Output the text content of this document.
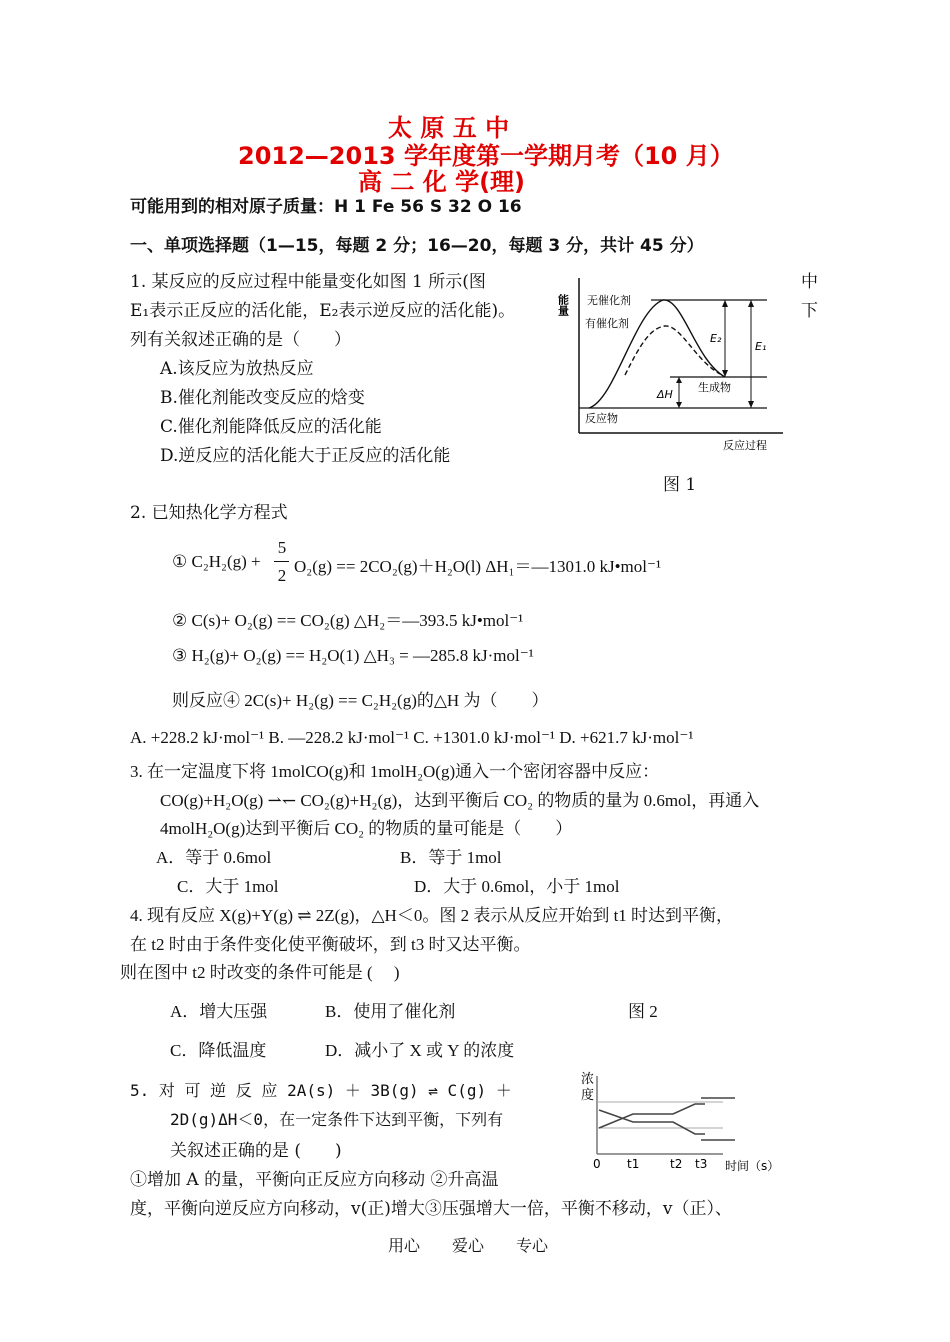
太 原 五 中
2012—2013 学年度第一学期月考（10 月）
高 二 化 学(理)
可能用到的相对原子质量：H 1 Fe 56 S 32 O 16
一、单项选择题（1—15，每题 2 分；16—20，每题 3 分，共计 45 分）
1. 某反应的反应过程中能量变化如图 1 所示(图	中
E₁表示正反应的活化能，E₂表示逆反应的活化能)。	下
列有关叙述正确的是（　　）
A.该反应为放热反应
B.催化剂能改变反应的焓变
C.催化剂能降低反应的活化能
D.逆反应的活化能大于正反应的活化能
能量 无催化剂
有催化剂
E₂
E₁
ΔH
生成物
反应物
反应过程
图 1
2. 已知热化学方程式
① C₂H₂(g) +
5
2 O₂(g) == 2CO₂(g)＋H₂O(l) ΔH₁＝—1301.0 kJ•mol⁻¹
② C(s)+ O₂(g) == CO₂(g) △H₂＝—393.5 kJ•mol⁻¹
③ H₂(g)+ O₂(g) == H₂O(1) △H₃ = —285.8 kJ·mol⁻¹
则反应④ 2C(s)+ H₂(g) == C₂H₂(g)的△H 为（　　）
A. +228.2 kJ·mol⁻¹ B. —228.2 kJ·mol⁻¹ C. +1301.0 kJ·mol⁻¹ D. +621.7 kJ·mol⁻¹
3. 在一定温度下将 1molCO(g)和 1molH₂O(g)通入一个密闭容器中反应：
CO(g)+H₂O(g) ⇀↽ CO₂(g)+H₂(g)，达到平衡后 CO₂ 的物质的量为 0.6mol，再通入
4molH₂O(g)达到平衡后 CO₂ 的物质的量可能是（　　）
A．等于 0.6mol	B．等于 1mol
C．大于 1mol	D．大于 0.6mol，小于 1mol
4. 现有反应 X(g)+Y(g) ⇌ 2Z(g)，△H＜0。图 2 表示从反应开始到 t1 时达到平衡，
在 t2 时由于条件变化使平衡破坏，到 t3 时又达平衡。
则在图中 t2 时改变的条件可能是 (　 )
A．增大压强	B．使用了催化剂	图 2
C．降低温度	D．减小了 X 或 Y 的浓度
5. 对 可 逆 反 应 2A(s) ＋ 3B(g) ⇌ C(g) ＋
2D(g)ΔH＜0，在一定条件下达到平衡，下列有
关叙述正确的是 (　　)
①增加 A 的量，平衡向正反应方向移动 ②升高温
度，平衡向逆反应方向移动，v(正)增大③压强增大一倍，平衡不移动，v（正）、
浓
度
0 t1	t2 t3 时间（s）
用心　　爱心　　专心
